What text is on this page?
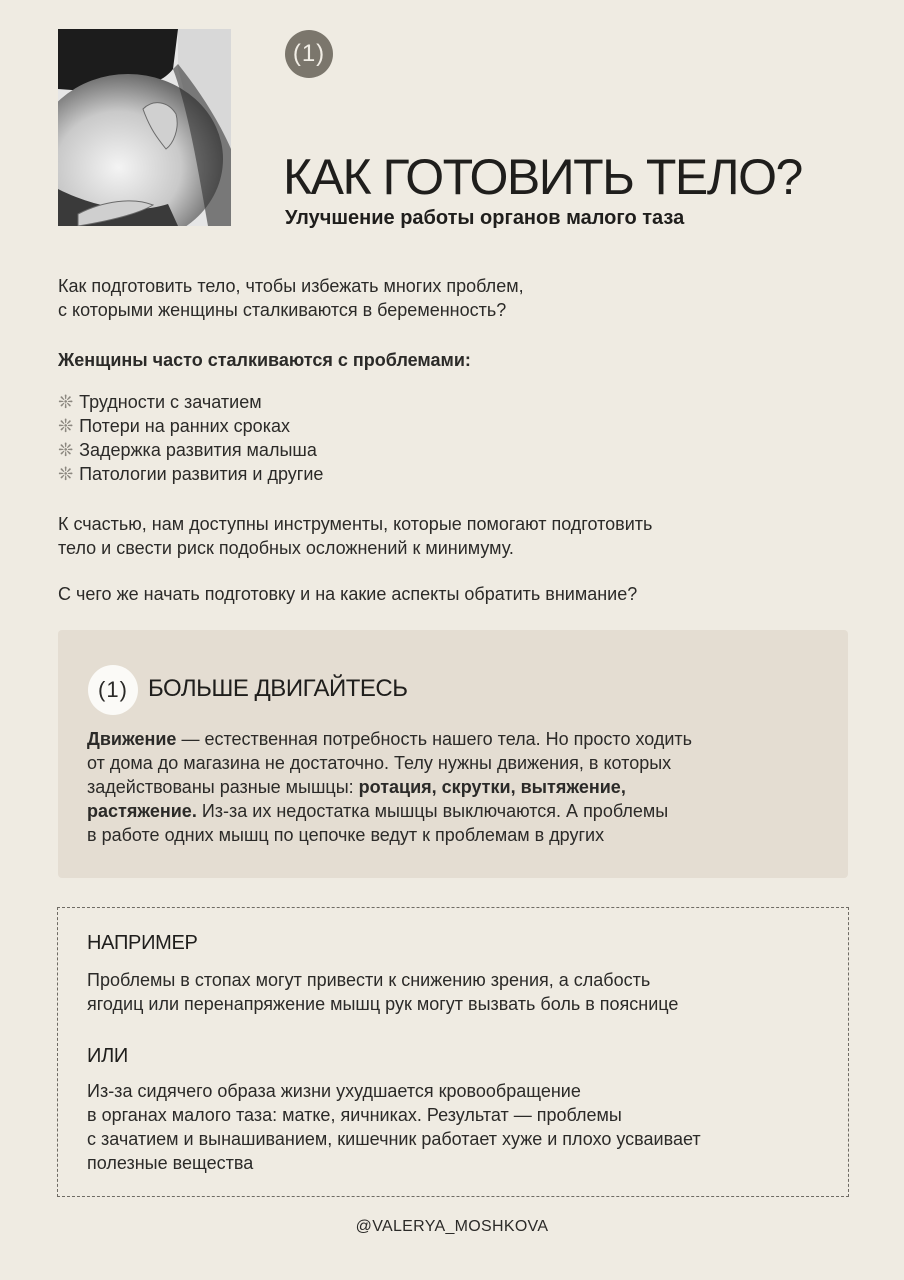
(1)
КАК ГОТОВИТЬ ТЕЛО?
Улучшение работы органов малого таза
Как подготовить тело, чтобы избежать многих проблем,
с которыми женщины сталкиваются в беременность?
Женщины часто сталкиваются с проблемами:
❊ Трудности с зачатием
❊ Потери на ранних сроках
❊ Задержка развития малыша
❊ Патологии развития и другие
К счастью, нам доступны инструменты, которые помогают подготовить
тело и свести риск подобных осложнений к минимуму.
С чего же начать подготовку и на какие аспекты обратить внимание?
(1) БОЛЬШЕ ДВИГАЙТЕСЬ
Движение — естественная потребность нашего тела. Но просто ходить
от дома до магазина не достаточно. Телу нужны движения, в которых
задействованы разные мышцы: ротация, скрутки, вытяжение,
растяжение. Из-за их недостатка мышцы выключаются. А проблемы
в работе одних мышц по цепочке ведут к проблемам в других
НАПРИМЕР
Проблемы в стопах могут привести к снижению зрения, а слабость
ягодиц или перенапряжение мышц рук могут вызвать боль в пояснице
ИЛИ
Из-за сидячего образа жизни ухудшается кровообращение
в органах малого таза: матке, яичниках. Результат — проблемы
с зачатием и вынашиванием, кишечник работает хуже и плохо усваивает
полезные вещества
@VALERYA_MOSHKOVA
